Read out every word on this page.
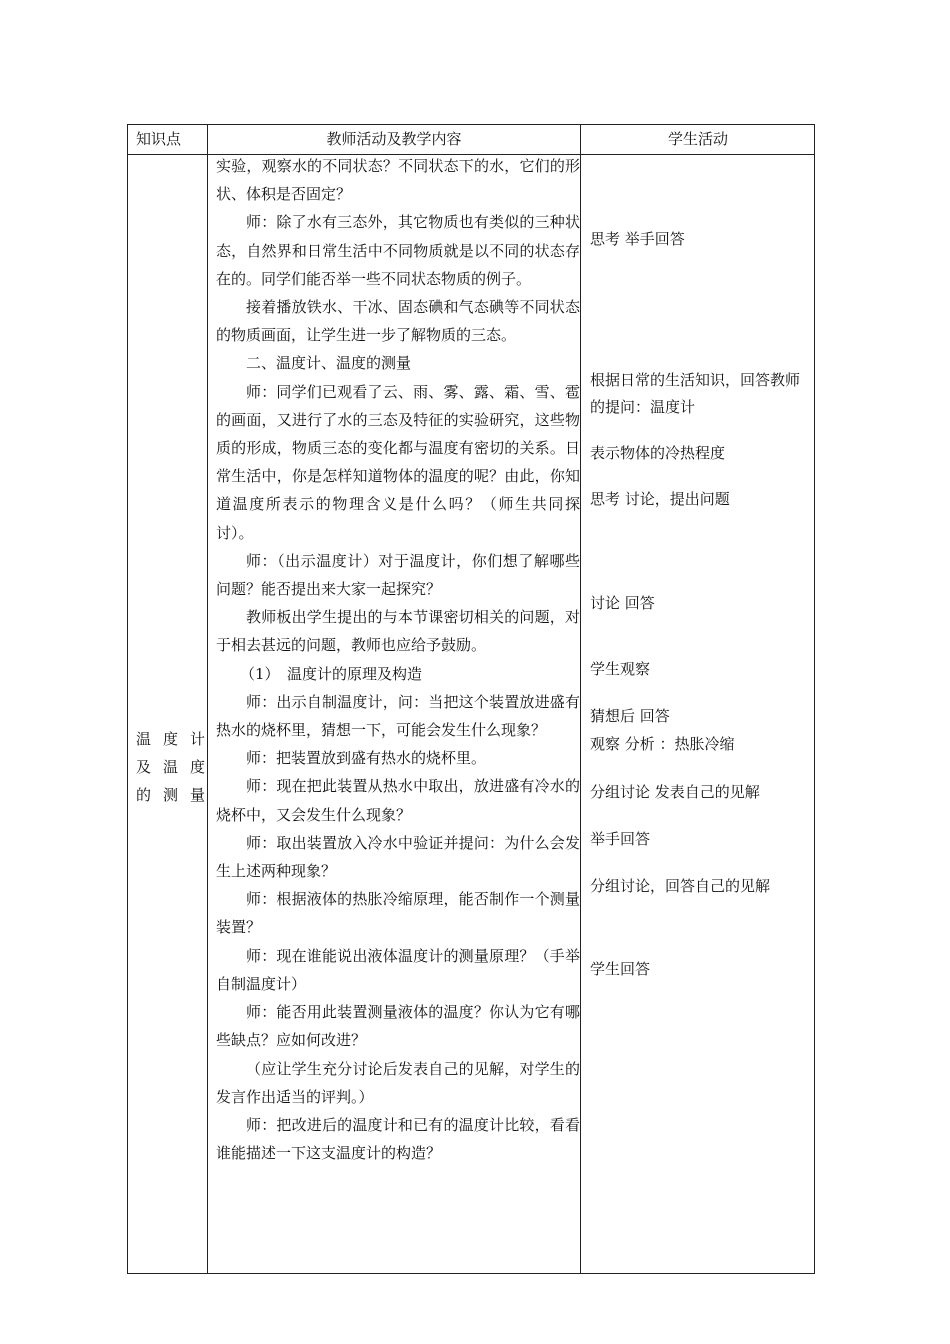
知识点	教师活动及教学内容	学生活动
温度计
及温度
的测量

实验，观察水的不同状态？不同状态下的水，它们的形状、体积是否固定？

师：除了水有三态外，其它物质也有类似的三种状态，自然界和日常生活中不同物质就是以不同的状态存在的。同学们能否举一些不同状态物质的例子。

接着播放铁水、干冰、固态碘和气态碘等不同状态的物质画面，让学生进一步了解物质的三态。

二、温度计、温度的测量

师：同学们已观看了云、雨、雾、露、霜、雪、雹的画面，又进行了水的三态及特征的实验研究，这些物质的形成，物质三态的变化都与温度有密切的关系。日常生活中，你是怎样知道物体的温度的呢？由此，你知道温度所表示的物理含义是什么吗？（师生共同探讨）。

师：（出示温度计）对于温度计，你们想了解哪些问题？能否提出来大家一起探究？

教师板出学生提出的与本节课密切相关的问题，对于相去甚远的问题，教师也应给予鼓励。

（1）　温度计的原理及构造

师：出示自制温度计，问：当把这个装置放进盛有热水的烧杯里，猜想一下，可能会发生什么现象？

师：把装置放到盛有热水的烧杯里。

师：现在把此装置从热水中取出，放进盛有冷水的烧杯中，又会发生什么现象？

师：取出装置放入冷水中验证并提问：为什么会发生上述两种现象？

师：根据液体的热胀冷缩原理，能否制作一个测量装置？

师：现在谁能说出液体温度计的测量原理？（手举自制温度计）

师：能否用此装置测量液体的温度？你认为它有哪些缺点？应如何改进？

（应让学生充分讨论后发表自己的见解，对学生的发言作出适当的评判。）

师：把改进后的温度计和已有的温度计比较，看看谁能描述一下这支温度计的构造？

思考 举手回答

根据日常的生活知识，回答教师的提问：温度计

表示物体的冷热程度

思考 讨论，提出问题

讨论 回答

学生观察

猜想后 回答

观察 分析 ：热胀冷缩

分组讨论 发表自己的见解

举手回答

分组讨论，回答自己的见解

学生回答
